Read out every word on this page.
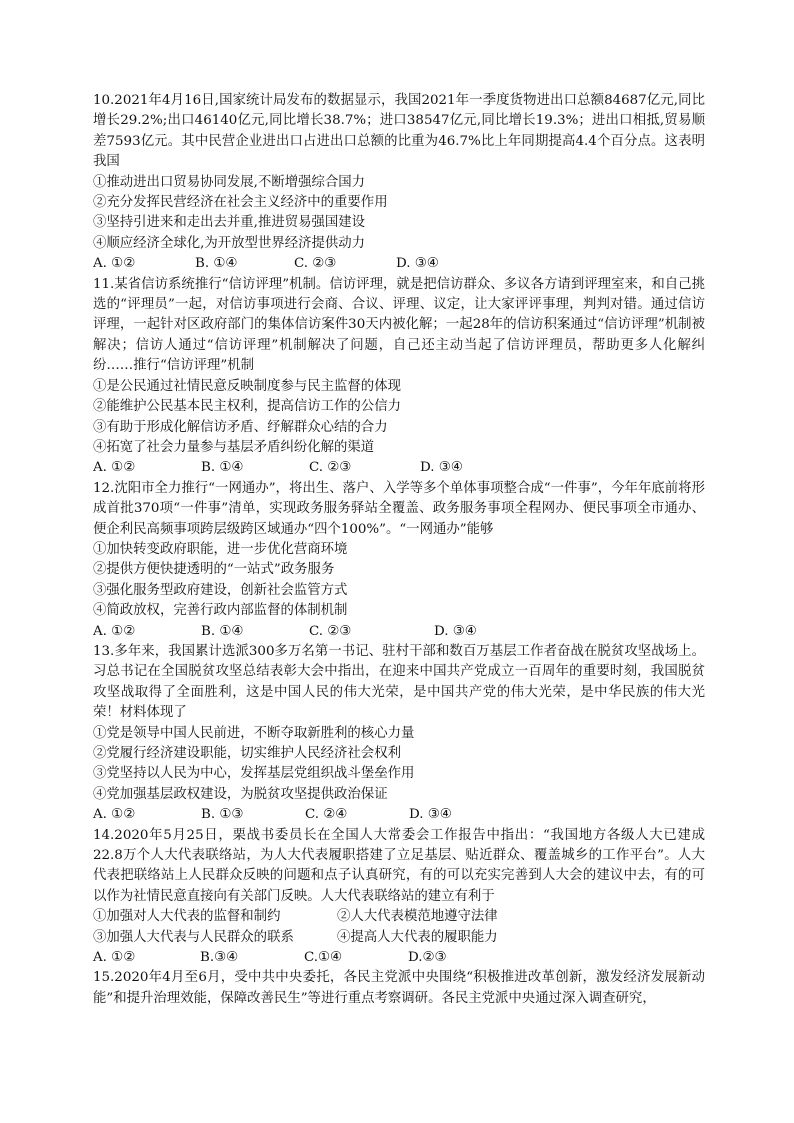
10.2021年4月16日,国家统计局发布的数据显示，我国2021年一季度货物进出口总额84687亿元,同比增长29.2%;出口46140亿元,同比增长38.7%；进口38547亿元,同比增长19.3%；进出口相抵,贸易顺差7593亿元。其中民营企业进出口占进出口总额的比重为46.7%比上年同期提高4.4个百分点。这表明我国

①推动进出口贸易协同发展,不断增强综合国力

②充分发挥民营经济在社会主义经济中的重要作用

③坚持引进来和走出去并重,推进贸易强国建设

④顺应经济全球化,为开放型世界经济提供动力

A. ①②	B. ①④	C. ②③	D. ③④

11.某省信访系统推行“信访评理”机制。信访评理，就是把信访群众、多议各方请到评理室来，和自己挑选的“评理员”一起，对信访事项进行会商、合议、评理、议定，让大家评评事理，判判对错。通过信访评理，一起针对区政府部门的集体信访案件30天内被化解；一起28年的信访积案通过“信访评理”机制被解决；信访人通过“信访评理”机制解决了问题，自己还主动当起了信访评理员，帮助更多人化解纠纷……推行“信访评理”机制

①是公民通过社情民意反映制度参与民主监督的体现

②能维护公民基本民主权利，提高信访工作的公信力

③有助于形成化解信访矛盾、纾解群众心结的合力

④拓宽了社会力量参与基层矛盾纠纷化解的渠道

A. ①②	B. ①④	C. ②③	D. ③④

12.沈阳市全力推行“一网通办”，将出生、落户、入学等多个单体事项整合成“一件事”，今年年底前将形成首批370项“一件事”清单，实现政务服务驿站全覆盖、政务服务事项全程网办、便民事项全市通办、便企利民高频事项跨层级跨区域通办“四个100%”。“一网通办”能够

①加快转变政府职能，进一步优化营商环境

②提供方便快捷透明的“一站式”政务服务

③强化服务型政府建设，创新社会监管方式

④简政放权，完善行政内部监督的体制机制

A. ①②	B. ①④	C. ②③	D. ③④

13.多年来，我国累计选派300多万名第一书记、驻村干部和数百万基层工作者奋战在脱贫攻坚战场上。习总书记在全国脱贫攻坚总结表彰大会中指出，在迎来中国共产党成立一百周年的重要时刻，我国脱贫攻坚战取得了全面胜利，这是中国人民的伟大光荣，是中国共产党的伟大光荣，是中华民族的伟大光荣！材料体现了

①党是领导中国人民前进，不断夺取新胜利的核心力量

②党履行经济建设职能，切实维护人民经济社会权利

③党坚持以人民为中心，发挥基层党组织战斗堡垒作用

④党加强基层政权建设，为脱贫攻坚提供政治保证

A. ①②	B. ①③	C. ②④	D. ③④

14.2020年5月25日，栗战书委员长在全国人大常委会工作报告中指出：“我国地方各级人大已建成22.8万个人大代表联络站，为人大代表履职搭建了立足基层、贴近群众、覆盖城乡的工作平台”。人大代表把联络站上人民群众反映的问题和点子认真研究，有的可以充实完善到人大会的建议中去，有的可以作为社情民意直接向有关部门反映。人大代表联络站的建立有利于

①加强对人大代表的监督和制约	②人大代表模范地遵守法律
③加强人大代表与人民群众的联系	④提高人大代表的履职能力
A. ①②	B.③④	C.①④	D.②③

15.2020年4月至6月，受中共中央委托，各民主党派中央围绕“积极推进改革创新，激发经济发展新动能”和提升治理效能，保障改善民生”等进行重点考察调研。各民主党派中央通过深入调查研究，
